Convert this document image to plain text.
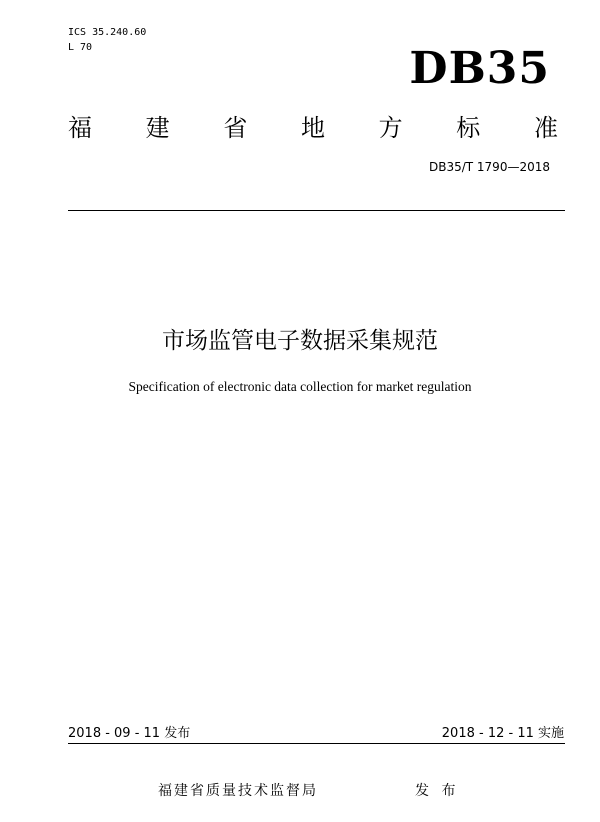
ICS 35.240.60
L 70	DB35
福 建 省 地 方 标 准
DB35/T 1790—2018
市场监管电子数据采集规范
Specification of electronic data collection for market regulation
2018 - 09 - 11 发布	2018 - 12 - 11 实施
福建省质量技术监督局	发 布
